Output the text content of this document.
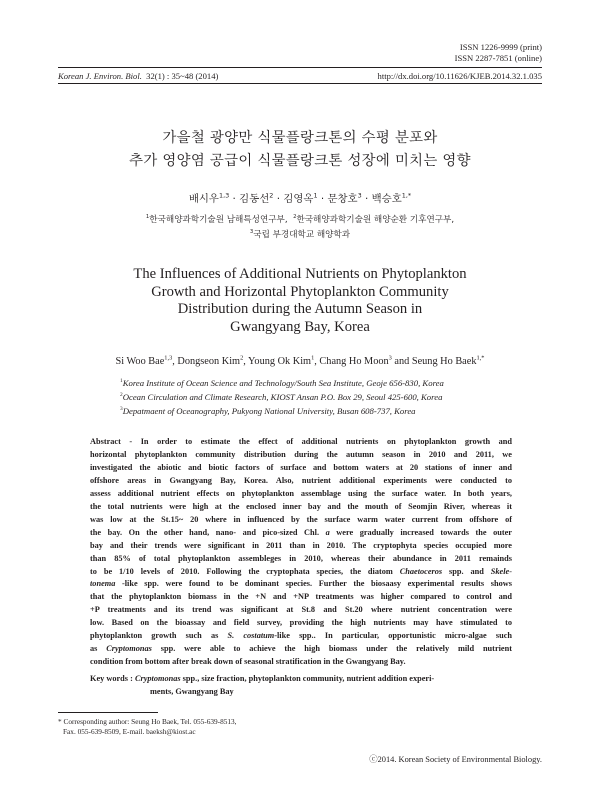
ISSN 1226-9999 (print)
ISSN 2287-7851 (online)
Korean J. Environ. Biol. 32(1) : 35~48 (2014)	http://dx.doi.org/10.11626/KJEB.2014.32.1.035
가을철 광양만 식물플랑크톤의 수평 분포와
추가 영양염 공급이 식물플랑크톤 성장에 미치는 영향
배시우$^{1,3}$ · 김동선$^2$ · 김영옥$^1$ · 문창호$^3$ · 백승호$^{1,*}$
$^1$한국해양과학기술원 남해특성연구부, $^2$한국해양과학기술원 해양순환 기후연구부,
$^3$국립 부경대학교 해양학과
The Influences of Additional Nutrients on Phytoplankton
Growth and Horizontal Phytoplankton Community
Distribution during the Autumn Season in
Gwangyang Bay, Korea
Si Woo Bae$^{1,3}$, Dongseon Kim$^2$, Young Ok Kim$^1$, Chang Ho Moon$^3$ and Seung Ho Baek$^{1,*}$
$^1$Korea Institute of Ocean Science and Technology/South Sea Institute, Geoje 656-830, Korea
$^2$Ocean Circulation and Climate Research, KIOST Ansan P.O. Box 29, Seoul 425-600, Korea
$^3$Depatmaent of Oceanography, Pukyong National University, Busan 608-737, Korea
Abstract - In order to estimate the effect of additional nutrients on phytoplankton growth and
horizontal phytoplankton community distribution during the autumn season in 2010 and 2011, we
investigated the abiotic and biotic factors of surface and bottom waters at 20 stations of inner and
offshore areas in Gwangyang Bay, Korea. Also, nutrient additional experiments were conducted to
assess additional nutrient effects on phytoplankton assemblage using the surface water. In both years,
the total nutrients were high at the enclosed inner bay and the mouth of Seomjin River, whereas it
was low at the St.15~ 20 where in influenced by the surface warm water current from offshore of
the bay. On the other hand, nano- and pico-sized Chl. a were gradually increased towards the outer
bay and their trends were significant in 2011 than in 2010. The cryptophyta species occupied more
than 85% of total phytoplankton assembleges in 2010, whereas their abundance in 2011 remainds
to be 1/10 levels of 2010. Following the cryptophata species, the diatom Chaetoceros spp. and Skele-
tonema -like spp. were found to be dominant species. Further the biosaasy experimental results shows
that the phytoplankton biomass in the +N and +NP treatments was higher compared to control and
+P treatments and its trend was significant at St.8 and St.20 where nutrient concentration were
low. Based on the bioassay and field survey, providing the high nutrients may have stimulated to
phytoplankton growth such as S. costatum-like spp.. In particular, opportunistic micro-algae such
as Cryptomonas spp. were able to achieve the high biomass under the relatively mild nutrient
condition from bottom after break down of seasonal stratification in the Gwangyang Bay.
Key words : Cryptomonas spp., size fraction, phytoplankton community, nutrient addition experi-
ments, Gwangyang Bay
* Corresponding author: Seung Ho Baek, Tel. 055-639-8513,
Fax. 055-639-8509, E-mail. baeksh@kiost.ac
ⓒ2014. Korean Society of Environmental Biology.
